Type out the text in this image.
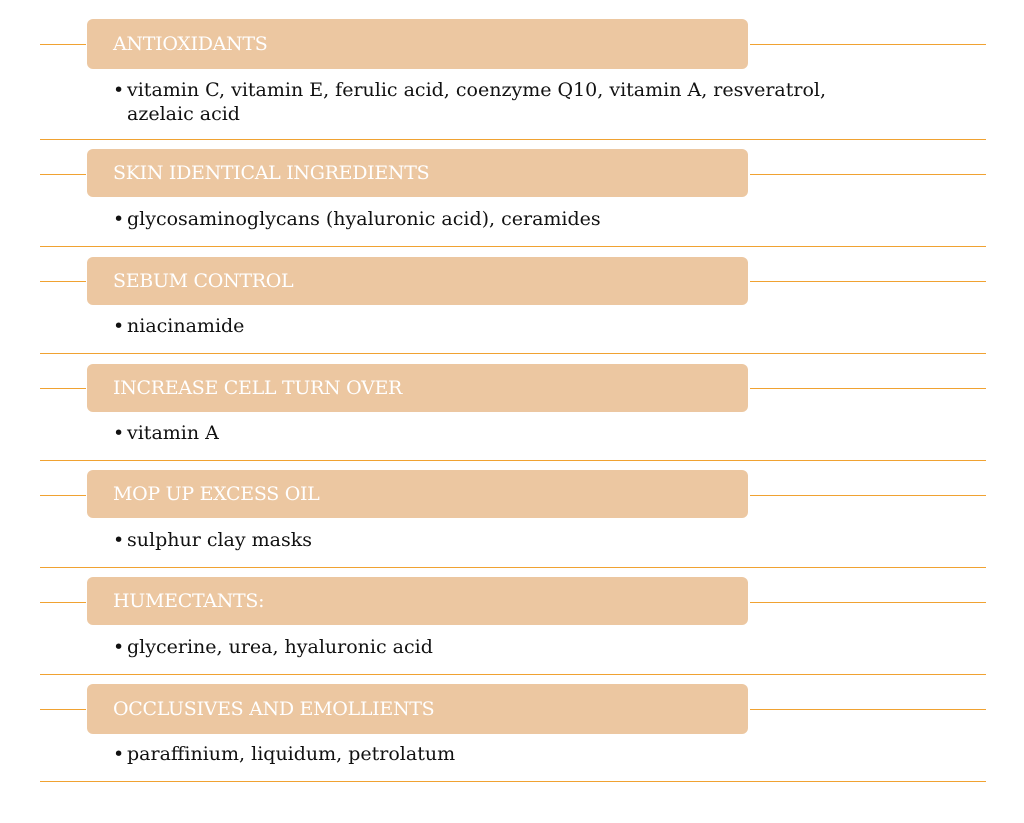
ANTIOXIDANTS
• vitamin C, vitamin E, ferulic acid, coenzyme Q10, vitamin A, resveratrol, azelaic acid
SKIN IDENTICAL INGREDIENTS
• glycosaminoglycans (hyaluronic acid), ceramides
SEBUM CONTROL
• niacinamide
INCREASE CELL TURN OVER
• vitamin A
MOP UP EXCESS OIL
• sulphur clay masks
HUMECTANTS:
• glycerine, urea, hyaluronic acid
OCCLUSIVES AND EMOLLIENTS
• paraffinium, liquidum, petrolatum
